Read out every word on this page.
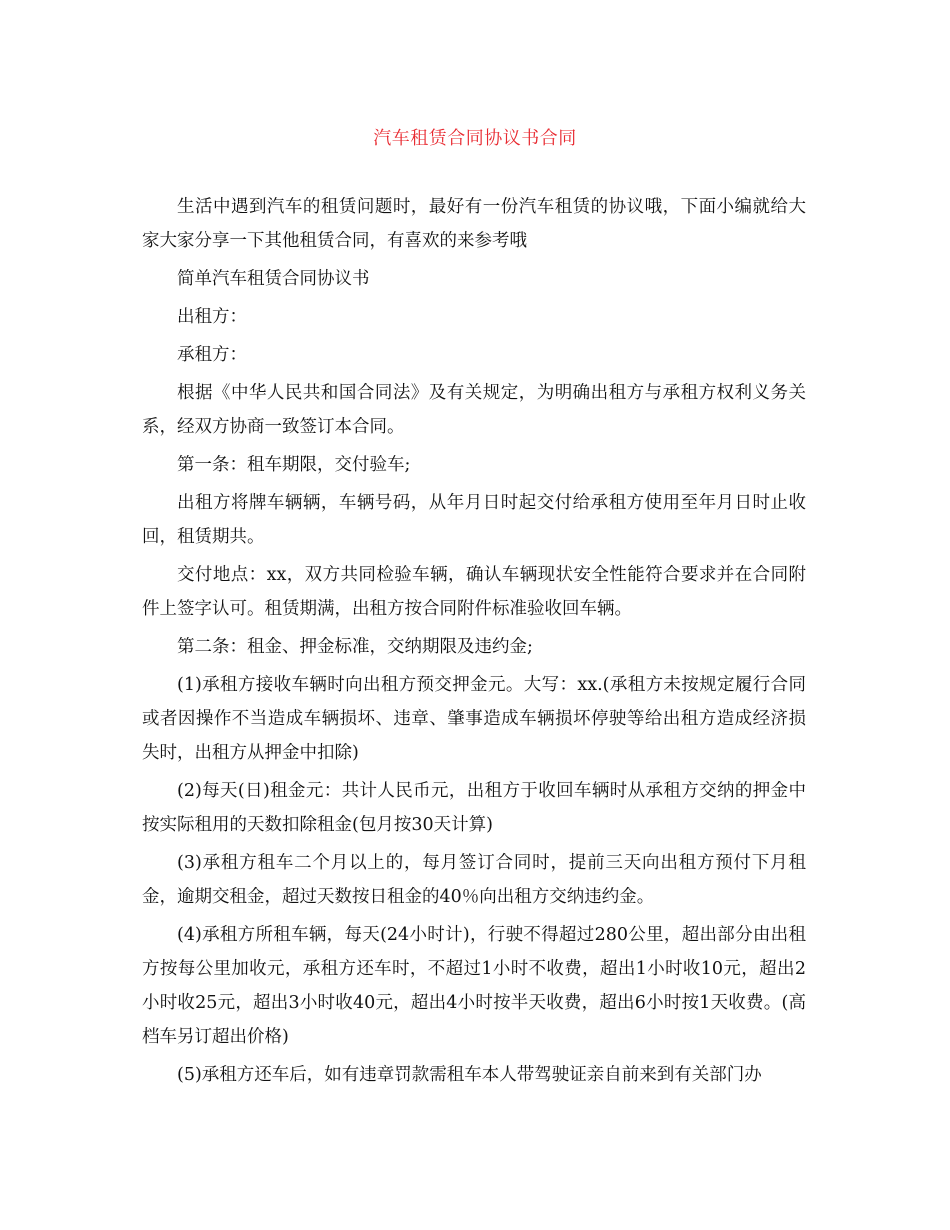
汽车租赁合同协议书合同

生活中遇到汽车的租赁问题时，最好有一份汽车租赁的协议哦，下面小编就给大家大家分享一下其他租赁合同，有喜欢的来参考哦

简单汽车租赁合同协议书

出租方：

承租方：

根据《中华人民共和国合同法》及有关规定，为明确出租方与承租方权利义务关系，经双方协商一致签订本合同。

第一条：租车期限，交付验车;

出租方将牌车辆辆，车辆号码，从年月日时起交付给承租方使用至年月日时止收回，租赁期共。

交付地点：xx，双方共同检验车辆，确认车辆现状安全性能符合要求并在合同附件上签字认可。租赁期满，出租方按合同附件标准验收回车辆。

第二条：租金、押金标准，交纳期限及违约金;

(1)承租方接收车辆时向出租方预交押金元。大写：xx.(承租方未按规定履行合同或者因操作不当造成车辆损坏、违章、肇事造成车辆损坏停驶等给出租方造成经济损失时，出租方从押金中扣除)

(2)每天(日)租金元：共计人民币元，出租方于收回车辆时从承租方交纳的押金中按实际租用的天数扣除租金(包月按30天计算)

(3)承租方租车二个月以上的，每月签订合同时，提前三天向出租方预付下月租金，逾期交租金，超过天数按日租金的40％向出租方交纳违约金。

(4)承租方所租车辆，每天(24小时计)，行驶不得超过280公里，超出部分由出租方按每公里加收元，承租方还车时，不超过1小时不收费，超出1小时收10元，超出2小时收25元，超出3小时收40元，超出4小时按半天收费，超出6小时按1天收费。(高档车另订超出价格)

(5)承租方还车后，如有违章罚款需租车本人带驾驶证亲自前来到有关部门办
